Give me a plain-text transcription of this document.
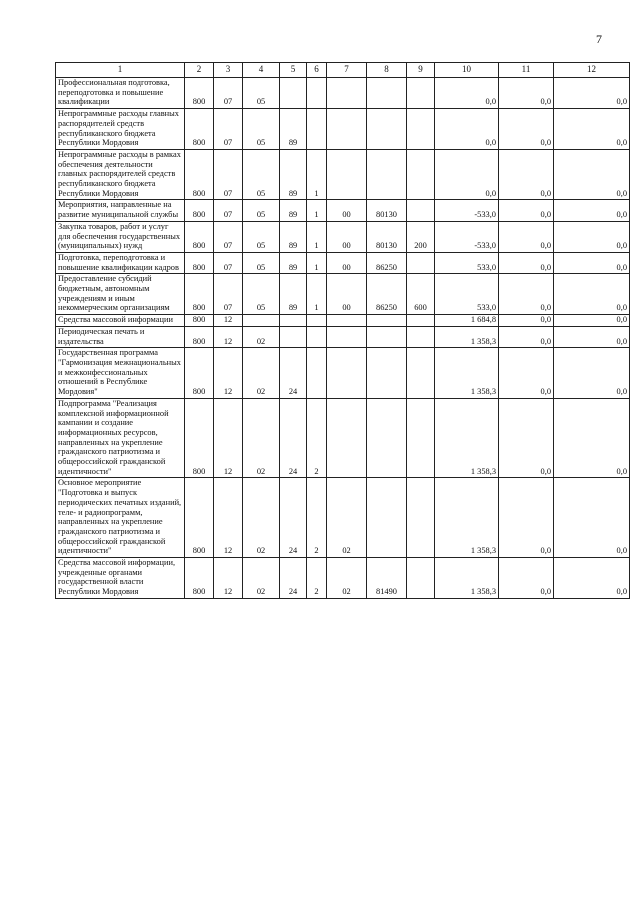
7
1	2	3	4	5	6	7	8	9	10	11	12
Профессиональная подготовка, переподготовка и повышение квалификации	800	07	05						0,0	0,0	0,0
Непрограммные расходы главных распорядителей средств республиканского бюджета Республики Мордовия	800	07	05	89					0,0	0,0	0,0
Непрограммные расходы в рамках обеспечения деятельности главных распорядителей средств республиканского бюджета Республики Мордовия	800	07	05	89	1				0,0	0,0	0,0
Мероприятия, направленные на развитие муниципальной службы	800	07	05	89	1	00	80130		-533,0	0,0	0,0
Закупка товаров, работ и услуг для обеспечения государственных (муниципальных) нужд	800	07	05	89	1	00	80130	200	-533,0	0,0	0,0
Подготовка, переподготовка и повышение квалификации кадров	800	07	05	89	1	00	86250		533,0	0,0	0,0
Предоставление субсидий бюджетным, автономным учреждениям и иным некоммерческим организациям	800	07	05	89	1	00	86250	600	533,0	0,0	0,0
Средства массовой информации	800	12							1 684,8	0,0	0,0
Периодическая печать и издательства	800	12	02						1 358,3	0,0	0,0
Государственная программа "Гармонизация межнациональных и межконфессиональных отношений в Республике Мордовия"	800	12	02	24					1 358,3	0,0	0,0
Подпрограмма "Реализация комплексной информационной кампании и создание информационных ресурсов, направленных на укрепление гражданского патриотизма и общероссийской гражданской идентичности"	800	12	02	24	2				1 358,3	0,0	0,0
Основное мероприятие "Подготовка и выпуск периодических печатных изданий, теле- и радиопрограмм, направленных на укрепление гражданского патриотизма и общероссийской гражданской идентичности"	800	12	02	24	2	02			1 358,3	0,0	0,0
Средства массовой информации, учрежденные органами государственной власти Республики Мордовия	800	12	02	24	2	02	81490		1 358,3	0,0	0,0
